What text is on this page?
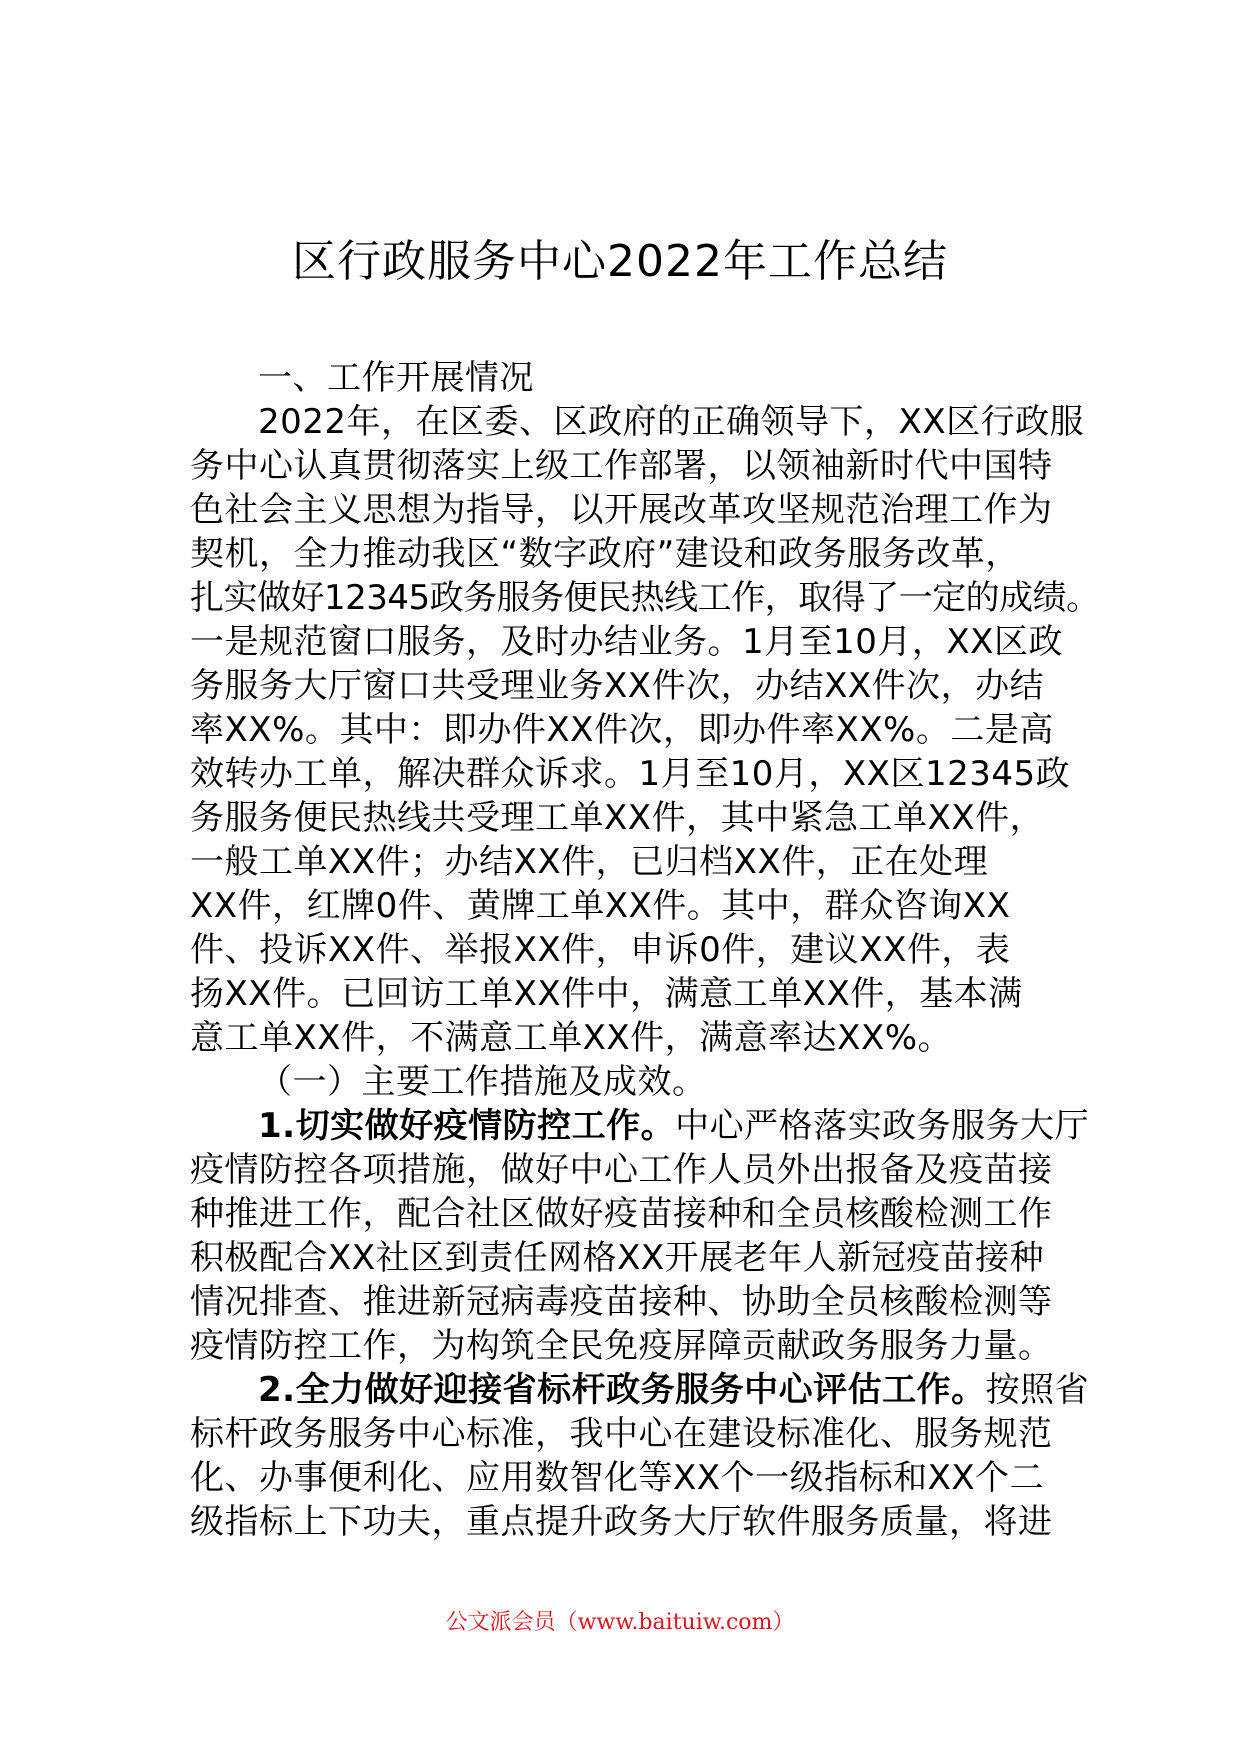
区行政服务中心2022年工作总结
一、工作开展情况
2022年，在区委、区政府的正确领导下，XX区行政服
务中心认真贯彻落实上级工作部署，以领袖新时代中国特
色社会主义思想为指导，以开展改革攻坚规范治理工作为
契机，全力推动我区“数字政府”建设和政务服务改革，
扎实做好12345政务服务便民热线工作，取得了一定的成绩。
一是规范窗口服务，及时办结业务。1月至10月，XX区政
务服务大厅窗口共受理业务XX件次，办结XX件次，办结
率XX%。其中：即办件XX件次，即办件率XX%。二是高
效转办工单，解决群众诉求。1月至10月，XX区12345政
务服务便民热线共受理工单XX件，其中紧急工单XX件，
一般工单XX件；办结XX件，已归档XX件，正在处理
XX件，红牌0件、黄牌工单XX件。其中，群众咨询XX
件、投诉XX件、举报XX件，申诉0件，建议XX件，表
扬XX件。已回访工单XX件中，满意工单XX件，基本满
意工单XX件，不满意工单XX件，满意率达XX%。
（一）主要工作措施及成效。
1.切实做好疫情防控工作。中心严格落实政务服务大厅
疫情防控各项措施，做好中心工作人员外出报备及疫苗接
种推进工作，配合社区做好疫苗接种和全员核酸检测工作
积极配合XX社区到责任网格XX开展老年人新冠疫苗接种
情况排查、推进新冠病毒疫苗接种、协助全员核酸检测等
疫情防控工作，为构筑全民免疫屏障贡献政务服务力量。
2.全力做好迎接省标杆政务服务中心评估工作。按照省
标杆政务服务中心标准，我中心在建设标准化、服务规范
化、办事便利化、应用数智化等XX个一级指标和XX个二
级指标上下功夫，重点提升政务大厅软件服务质量，将进
公文派会员（www.baituiw.com）
